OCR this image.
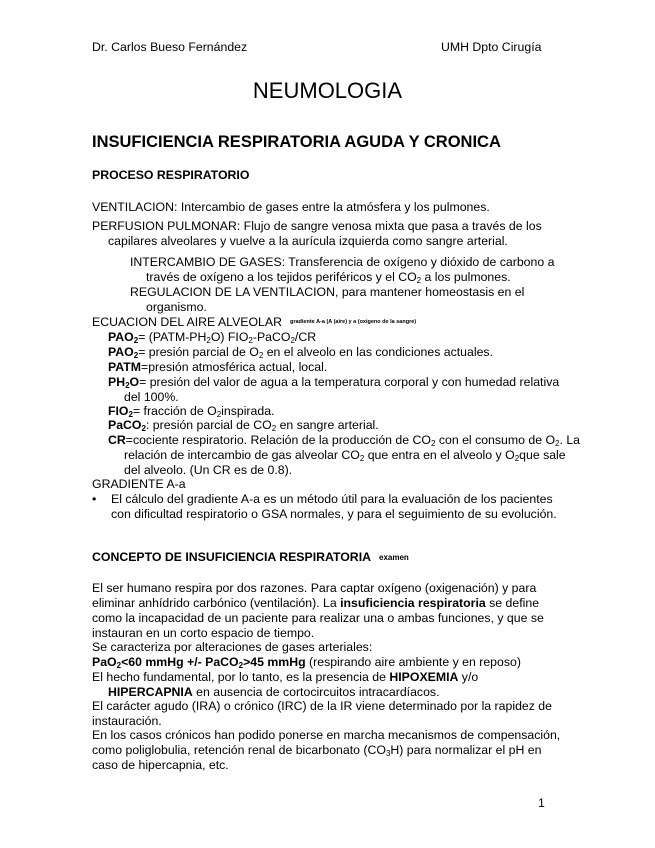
Dr. Carlos Bueso Fernández	UMH Dpto Cirugía
NEUMOLOGIA
INSUFICIENCIA RESPIRATORIA AGUDA Y CRONICA
PROCESO RESPIRATORIO
VENTILACION: Intercambio de gases entre la atmósfera y los pulmones.
PERFUSION PULMONAR: Flujo de sangre venosa mixta que pasa a través de los capilares alveolares y vuelve a la aurícula izquierda como sangre arterial.
INTERCAMBIO DE GASES: Transferencia de oxígeno y dióxido de carbono a través de oxígeno a los tejidos periféricos y el $CO_2$ a los pulmones.
REGULACION DE LA VENTILACION, para mantener homeostasis en el organismo.
ECUACION DEL AIRE ALVEOLAR gradiente A-a (A (aire) y a (oxigeno de la sangre)
$PAO_2=$ $(PATM-PH_2O)$ $FIO_2-PaCO_2/CR$
$PAO_2=$ presión parcial de $O_2$ en el alveolo en las condiciones actuales.
PATM=presión atmosférica actual, local.
$PH_2O=$ presión del valor de agua a la temperatura corporal y con humedad relativa del 100%.
$FIO_2=$ fracción de $O_2inspirada$.
PaCO$_2$: presión parcial de $CO_2$ en sangre arterial.
CR=cociente respiratorio. Relación de la producción de $CO_2$ con el consumo de $O_2$. La relación de intercambio de gas alveolar $CO_2$ que entra en el alveolo y $O_2que$ sale del alveolo. (Un CR es de 0.8).
GRADIENTE A-a
•	El cálculo del gradiente A-a es un método útil para la evaluación de los pacientes con dificultad respiratorio o GSA normales, y para el seguimiento de su evolución.
CONCEPTO DE INSUFICIENCIA RESPIRATORIA examen
El ser humano respira por dos razones. Para captar oxígeno (oxigenación) y para eliminar anhídrido carbónico (ventilación). La insuficiencia respiratoria se define como la incapacidad de un paciente para realizar una o ambas funciones, y que se instauran en un corto espacio de tiempo.
Se caracteriza por alteraciones de gases arteriales:
PaO$_2$<60 mmHg +/- PaCO$_2$>45 mmHg (respirando aire ambiente y en reposo)
El hecho fundamental, por lo tanto, es la presencia de HIPOXEMIA y/o HIPERCAPNIA en ausencia de cortocircuitos intracardíacos.
El carácter agudo (IRA) o crónico (IRC) de la IR viene determinado por la rapidez de instauración.
En los casos crónicos han podido ponerse en marcha mecanismos de compensación, como poliglobulia, retención renal de bicarbonato $(CO_3H)$ para normalizar el pH en caso de hipercapnia, etc.
1
